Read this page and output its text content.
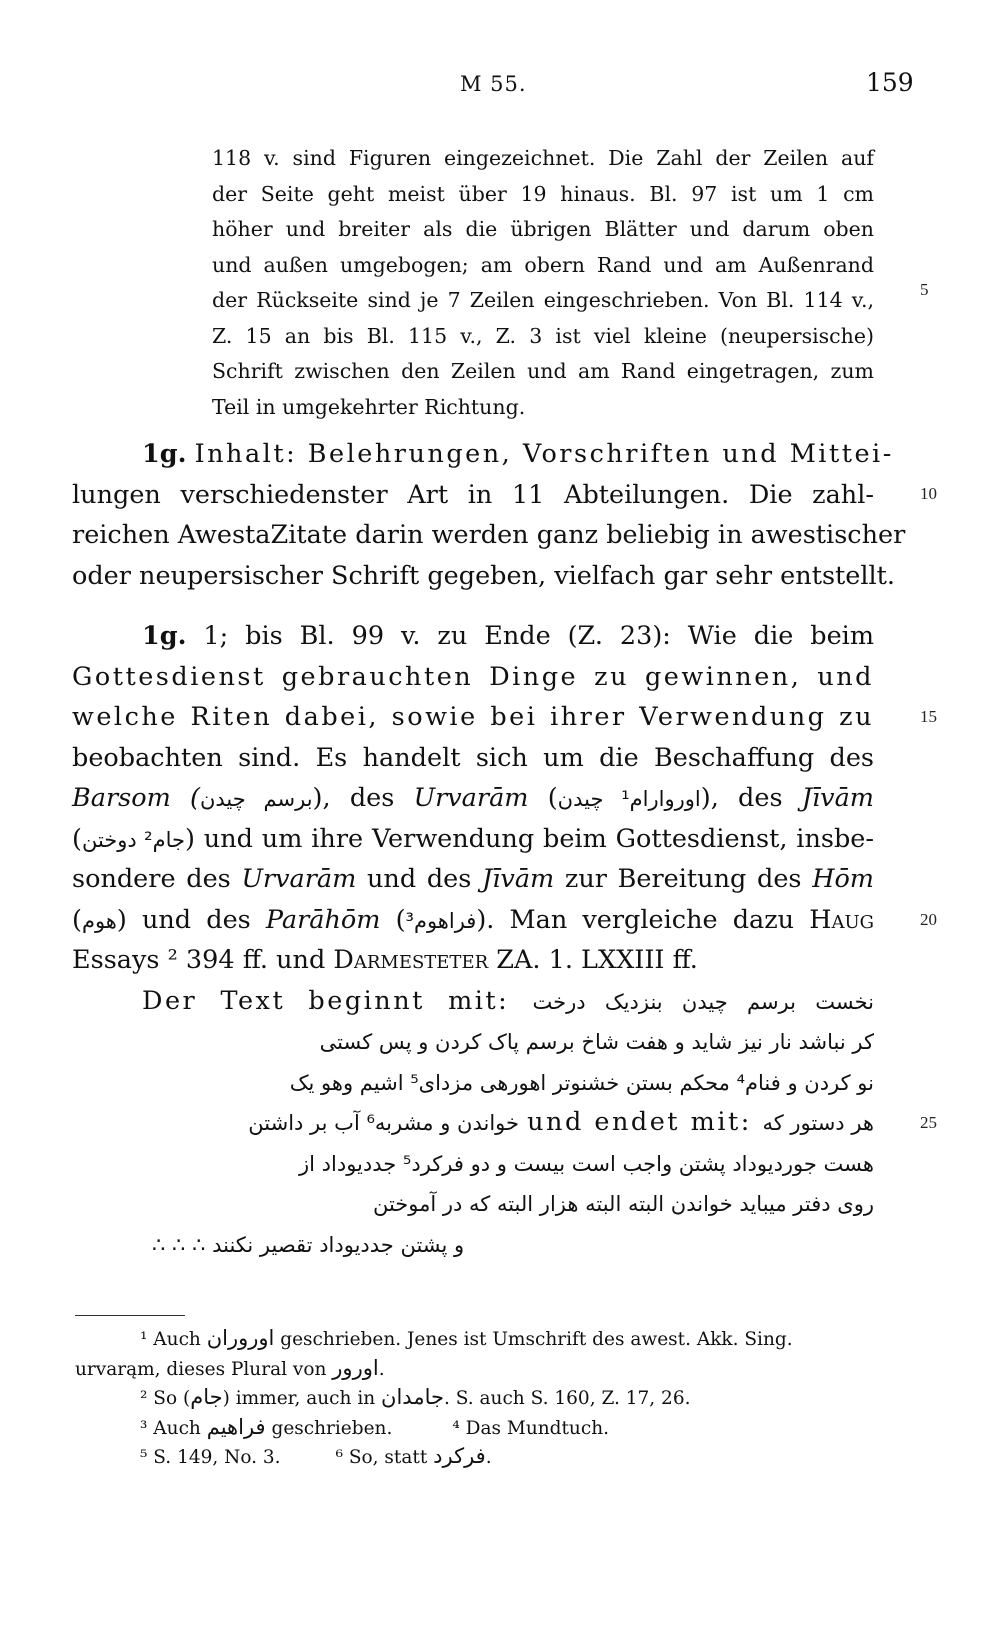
M 55.	159
118 v. sind Figuren eingezeichnet. Die Zahl der Zeilen auf
der Seite geht meist über 19 hinaus. Bl. 97 ist um 1 cm
höher und breiter als die übrigen Blätter und darum oben
und außen umgebogen; am obern Rand und am Außenrand
der Rückseite sind je 7 Zeilen eingeschrieben. Von Bl. 114 v.,
Z. 15 an bis Bl. 115 v., Z. 3 ist viel kleine (neupersische)
Schrift zwischen den Zeilen und am Rand eingetragen, zum
Teil in umgekehrter Richtung.
5
10
15
20
25
1g. Inhalt: Belehrungen, Vorschriften und Mittei-
lungen verschiedenster Art in 11 Abteilungen. Die zahl-
reichen AwestaZitate darin werden ganz beliebig in awestischer
oder neupersischer Schrift gegeben, vielfach gar sehr entstellt.
1g. 1; bis Bl. 99 v. zu Ende (Z. 23): Wie die beim
Gottesdienst gebrauchten Dinge zu gewinnen, und
welche Riten dabei, sowie bei ihrer Verwendung zu
beobachten sind. Es handelt sich um die Beschaffung des
Barsom (برسم چیدن), des Urvarām (اوروارام¹ چیدن), des Jīvām
(جام² دوختن) und um ihre Verwendung beim Gottesdienst, insbe-
sondere des Urvarām und des Jīvām zur Bereitung des Hōm
(هوم) und des Parāhōm (فراهوم³). Man vergleiche dazu Haug
Essays ² 394 ff. und Darmesteter ZA. 1. LXXIII ff.
Der Text beginnt mit: نخست برسم چیدن بنزدیک درخت
کر نباشد نار نیز شاید و هفت شاخ برسم پاک کردن و پس کستی
نو کردن و فنام⁴ محکم بستن خشنوتر اهورهی مزدای⁵ اشیم وهو یک
خواندن و مشربه⁶ آب بر داشتن und endet mit: هر دستور که
هست جوردیوداد پشتن واجب است بیست و دو فرکرد⁵ جددیوداد از
روی دفتر میباید خواندن البته البته هزار البته که در آموختن
و پشتن جددیوداد تقصیر نکنند ∴ ∴ ∴
¹ Auch اوروران geschrieben. Jenes ist Umschrift des awest. Akk. Sing.
urvarąm, dieses Plural von اورور.
² So (جام) immer, auch in جامدان. S. auch S. 160, Z. 17, 26.
³ Auch فراهیم geschrieben.	⁴ Das Mundtuch.
⁵ S. 149, No. 3.	⁶ So, statt فرکرد.
